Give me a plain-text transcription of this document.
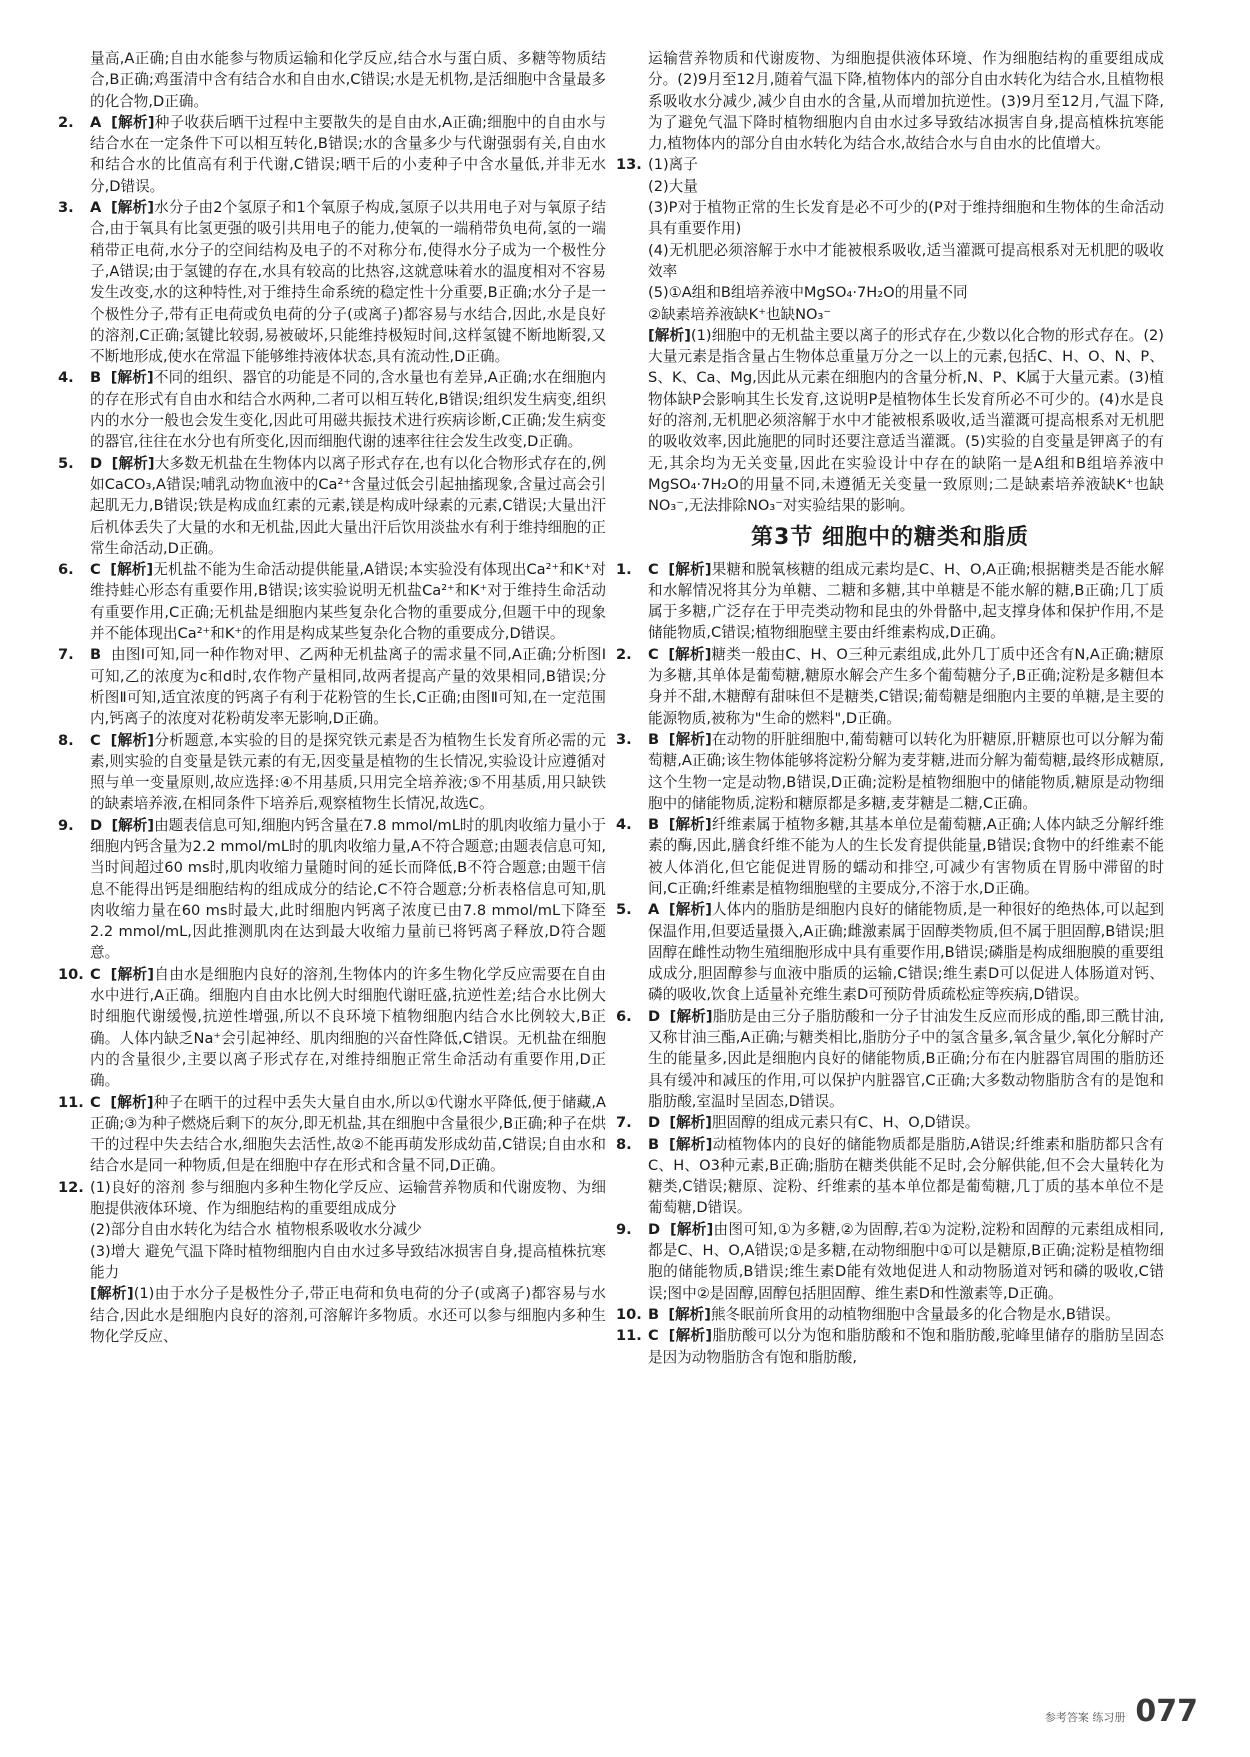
量高,A正确;自由水能参与物质运输和化学反应,结合水与蛋白质、多糖等物质结合,B正确;鸡蛋清中含有结合水和自由水,C错误;水是无机物,是活细胞中含量最多的化合物,D正确。

2.	A [解析]种子收获后晒干过程中主要散失的是自由水,A正确;细胞中的自由水与结合水在一定条件下可以相互转化,B错误;水的含量多少与代谢强弱有关,自由水和结合水的比值高有利于代谢,C错误;晒干后的小麦种子中含水量低,并非无水分,D错误。
3.	A [解析]水分子由2个氢原子和1个氧原子构成,氢原子以共用电子对与氧原子结合,由于氧具有比氢更强的吸引共用电子的能力,使氧的一端稍带负电荷,氢的一端稍带正电荷,水分子的空间结构及电子的不对称分布,使得水分子成为一个极性分子,A错误;由于氢键的存在,水具有较高的比热容,这就意味着水的温度相对不容易发生改变,水的这种特性,对于维持生命系统的稳定性十分重要,B正确;水分子是一个极性分子,带有正电荷或负电荷的分子(或离子)都容易与水结合,因此,水是良好的溶剂,C正确;氢键比较弱,易被破坏,只能维持极短时间,这样氢键不断地断裂,又不断地形成,使水在常温下能够维持液体状态,具有流动性,D正确。
4.	B [解析]不同的组织、器官的功能是不同的,含水量也有差异,A正确;水在细胞内的存在形式有自由水和结合水两种,二者可以相互转化,B错误;组织发生病变,组织内的水分一般也会发生变化,因此可用磁共振技术进行疾病诊断,C正确;发生病变的器官,往往在水分也有所变化,因而细胞代谢的速率往往会发生改变,D正确。
5.	D [解析]大多数无机盐在生物体内以离子形式存在,也有以化合物形式存在的,例如CaCO₃,A错误;哺乳动物血液中的Ca²⁺含量过低会引起抽搐现象,含量过高会引起肌无力,B错误;铁是构成血红素的元素,镁是构成叶绿素的元素,C错误;大量出汗后机体丢失了大量的水和无机盐,因此大量出汗后饮用淡盐水有利于维持细胞的正常生命活动,D正确。
6.	C [解析]无机盐不能为生命活动提供能量,A错误;本实验没有体现出Ca²⁺和K⁺对维持蛙心形态有重要作用,B错误;该实验说明无机盐Ca²⁺和K⁺对于维持生命活动有重要作用,C正确;无机盐是细胞内某些复杂化合物的重要成分,但题干中的现象并不能体现出Ca²⁺和K⁺的作用是构成某些复杂化合物的重要成分,D错误。
7.	B 由图Ⅰ可知,同一种作物对甲、乙两种无机盐离子的需求量不同,A正确;分析图Ⅰ可知,乙的浓度为c和d时,农作物产量相同,故两者提高产量的效果相同,B错误;分析图Ⅱ可知,适宜浓度的钙离子有利于花粉管的生长,C正确;由图Ⅱ可知,在一定范围内,钙离子的浓度对花粉萌发率无影响,D正确。
8.	C [解析]分析题意,本实验的目的是探究铁元素是否为植物生长发育所必需的元素,则实验的自变量是铁元素的有无,因变量是植物的生长情况,实验设计应遵循对照与单一变量原则,故应选择:④不用基质,只用完全培养液;⑤不用基质,用只缺铁的缺素培养液,在相同条件下培养后,观察植物生长情况,故选C。
9.	D [解析]由题表信息可知,细胞内钙含量在7.8 mmol/mL时的肌肉收缩力量小于细胞内钙含量为2.2 mmol/mL时的肌肉收缩力量,A不符合题意;由题表信息可知,当时间超过60 ms时,肌肉收缩力量随时间的延长而降低,B不符合题意;由题干信息不能得出钙是细胞结构的组成成分的结论,C不符合题意;分析表格信息可知,肌肉收缩力量在60 ms时最大,此时细胞内钙离子浓度已由7.8 mmol/mL下降至2.2 mmol/mL,因此推测肌肉在达到最大收缩力量前已将钙离子释放,D符合题意。
10. C [解析]自由水是细胞内良好的溶剂,生物体内的许多生物化学反应需要在自由水中进行,A正确。细胞内自由水比例大时细胞代谢旺盛,抗逆性差;结合水比例大时细胞代谢缓慢,抗逆性增强,所以不良环境下植物细胞内结合水比例较大,B正确。人体内缺乏Na⁺会引起神经、肌肉细胞的兴奋性降低,C错误。无机盐在细胞内的含量很少,主要以离子形式存在,对维持细胞正常生命活动有重要作用,D正确。
11. C [解析]种子在晒干的过程中丢失大量自由水,所以①代谢水平降低,便于储藏,A正确;③为种子燃烧后剩下的灰分,即无机盐,其在细胞中含量很少,B正确;种子在烘干的过程中失去结合水,细胞失去活性,故②不能再萌发形成幼苗,C错误;自由水和结合水是同一种物质,但是在细胞中存在形式和含量不同,D正确。
12. (1)良好的溶剂 参与细胞内多种生物化学反应、运输营养物质和代谢废物、为细胞提供液体环境、作为细胞结构的重要组成成分

(2)部分自由水转化为结合水 植物根系吸收水分减少

(3)增大 避免气温下降时植物细胞内自由水过多导致结冰损害自身,提高植株抗寒能力

[解析](1)由于水分子是极性分子,带正电荷和负电荷的分子(或离子)都容易与水结合,因此水是细胞内良好的溶剂,可溶解许多物质。水还可以参与细胞内多种生物化学反应、

运输营养物质和代谢废物、为细胞提供液体环境、作为细胞结构的重要组成成分。(2)9月至12月,随着气温下降,植物体内的部分自由水转化为结合水,且植物根系吸收水分减少,减少自由水的含量,从而增加抗逆性。(3)9月至12月,气温下降,为了避免气温下降时植物细胞内自由水过多导致结冰损害自身,提高植株抗寒能力,植物体内的部分自由水转化为结合水,故结合水与自由水的比值增大。

13. (1)离子

(2)大量

(3)P对于植物正常的生长发育是必不可少的(P对于维持细胞和生物体的生命活动具有重要作用)

(4)无机肥必须溶解于水中才能被根系吸收,适当灌溉可提高根系对无机肥的吸收效率

(5)①A组和B组培养液中MgSO₄·7H₂O的用量不同

②缺素培养液缺K⁺也缺NO₃⁻

[解析](1)细胞中的无机盐主要以离子的形式存在,少数以化合物的形式存在。(2)大量元素是指含量占生物体总重量万分之一以上的元素,包括C、H、O、N、P、S、K、Ca、Mg,因此从元素在细胞内的含量分析,N、P、K属于大量元素。(3)植物体缺P会影响其生长发育,这说明P是植物体生长发育所必不可少的。(4)水是良好的溶剂,无机肥必须溶解于水中才能被根系吸收,适当灌溉可提高根系对无机肥的吸收效率,因此施肥的同时还要注意适当灌溉。(5)实验的自变量是钾离子的有无,其余均为无关变量,因此在实验设计中存在的缺陷一是A组和B组培养液中MgSO₄·7H₂O的用量不同,未遵循无关变量一致原则;二是缺素培养液缺K⁺也缺NO₃⁻,无法排除NO₃⁻对实验结果的影响。

第3节 细胞中的糖类和脂质
1.	C [解析]果糖和脱氧核糖的组成元素均是C、H、O,A正确;根据糖类是否能水解和水解情况将其分为单糖、二糖和多糖,其中单糖是不能水解的糖,B正确;几丁质属于多糖,广泛存在于甲壳类动物和昆虫的外骨骼中,起支撑身体和保护作用,不是储能物质,C错误;植物细胞壁主要由纤维素构成,D正确。
2.	C [解析]糖类一般由C、H、O三种元素组成,此外几丁质中还含有N,A正确;糖原为多糖,其单体是葡萄糖,糖原水解会产生多个葡萄糖分子,B正确;淀粉是多糖但本身并不甜,木糖醇有甜味但不是糖类,C错误;葡萄糖是细胞内主要的单糖,是主要的能源物质,被称为"生命的燃料",D正确。
3.	B [解析]在动物的肝脏细胞中,葡萄糖可以转化为肝糖原,肝糖原也可以分解为葡萄糖,A正确;该生物体能够将淀粉分解为麦芽糖,进而分解为葡萄糖,最终形成糖原,这个生物一定是动物,B错误,D正确;淀粉是植物细胞中的储能物质,糖原是动物细胞中的储能物质,淀粉和糖原都是多糖,麦芽糖是二糖,C正确。
4.	B [解析]纤维素属于植物多糖,其基本单位是葡萄糖,A正确;人体内缺乏分解纤维素的酶,因此,膳食纤维不能为人的生长发育提供能量,B错误;食物中的纤维素不能被人体消化,但它能促进胃肠的蠕动和排空,可减少有害物质在胃肠中滞留的时间,C正确;纤维素是植物细胞壁的主要成分,不溶于水,D正确。
5.	A [解析]人体内的脂肪是细胞内良好的储能物质,是一种很好的绝热体,可以起到保温作用,但要适量摄入,A正确;雌激素属于固醇类物质,但不属于胆固醇,B错误;胆固醇在雌性动物生殖细胞形成中具有重要作用,B错误;磷脂是构成细胞膜的重要组成成分,胆固醇参与血液中脂质的运输,C错误;维生素D可以促进人体肠道对钙、磷的吸收,饮食上适量补充维生素D可预防骨质疏松症等疾病,D错误。
6.	D [解析]脂肪是由三分子脂肪酸和一分子甘油发生反应而形成的酯,即三酰甘油,又称甘油三酯,A正确;与糖类相比,脂肪分子中的氢含量多,氧含量少,氧化分解时产生的能量多,因此是细胞内良好的储能物质,B正确;分布在内脏器官周围的脂肪还具有缓冲和减压的作用,可以保护内脏器官,C正确;大多数动物脂肪含有的是饱和脂肪酸,室温时呈固态,D错误。
7.	D [解析]胆固醇的组成元素只有C、H、O,D错误。
8.	B [解析]动植物体内的良好的储能物质都是脂肪,A错误;纤维素和脂肪都只含有C、H、O3种元素,B正确;脂肪在糖类供能不足时,会分解供能,但不会大量转化为糖类,C错误;糖原、淀粉、纤维素的基本单位都是葡萄糖,几丁质的基本单位不是葡萄糖,D错误。
9.	D [解析]由图可知,①为多糖,②为固醇,若①为淀粉,淀粉和固醇的元素组成相同,都是C、H、O,A错误;①是多糖,在动物细胞中①可以是糖原,B正确;淀粉是植物细胞的储能物质,B错误;维生素D能有效地促进人和动物肠道对钙和磷的吸收,C错误;图中②是固醇,固醇包括胆固醇、维生素D和性激素等,D正确。
10. B [解析]熊冬眠前所食用的动植物细胞中含量最多的化合物是水,B错误。
11. C [解析]脂肪酸可以分为饱和脂肪酸和不饱和脂肪酸,驼峰里储存的脂肪呈固态是因为动物脂肪含有饱和脂肪酸,
参考答案 练习册 077
